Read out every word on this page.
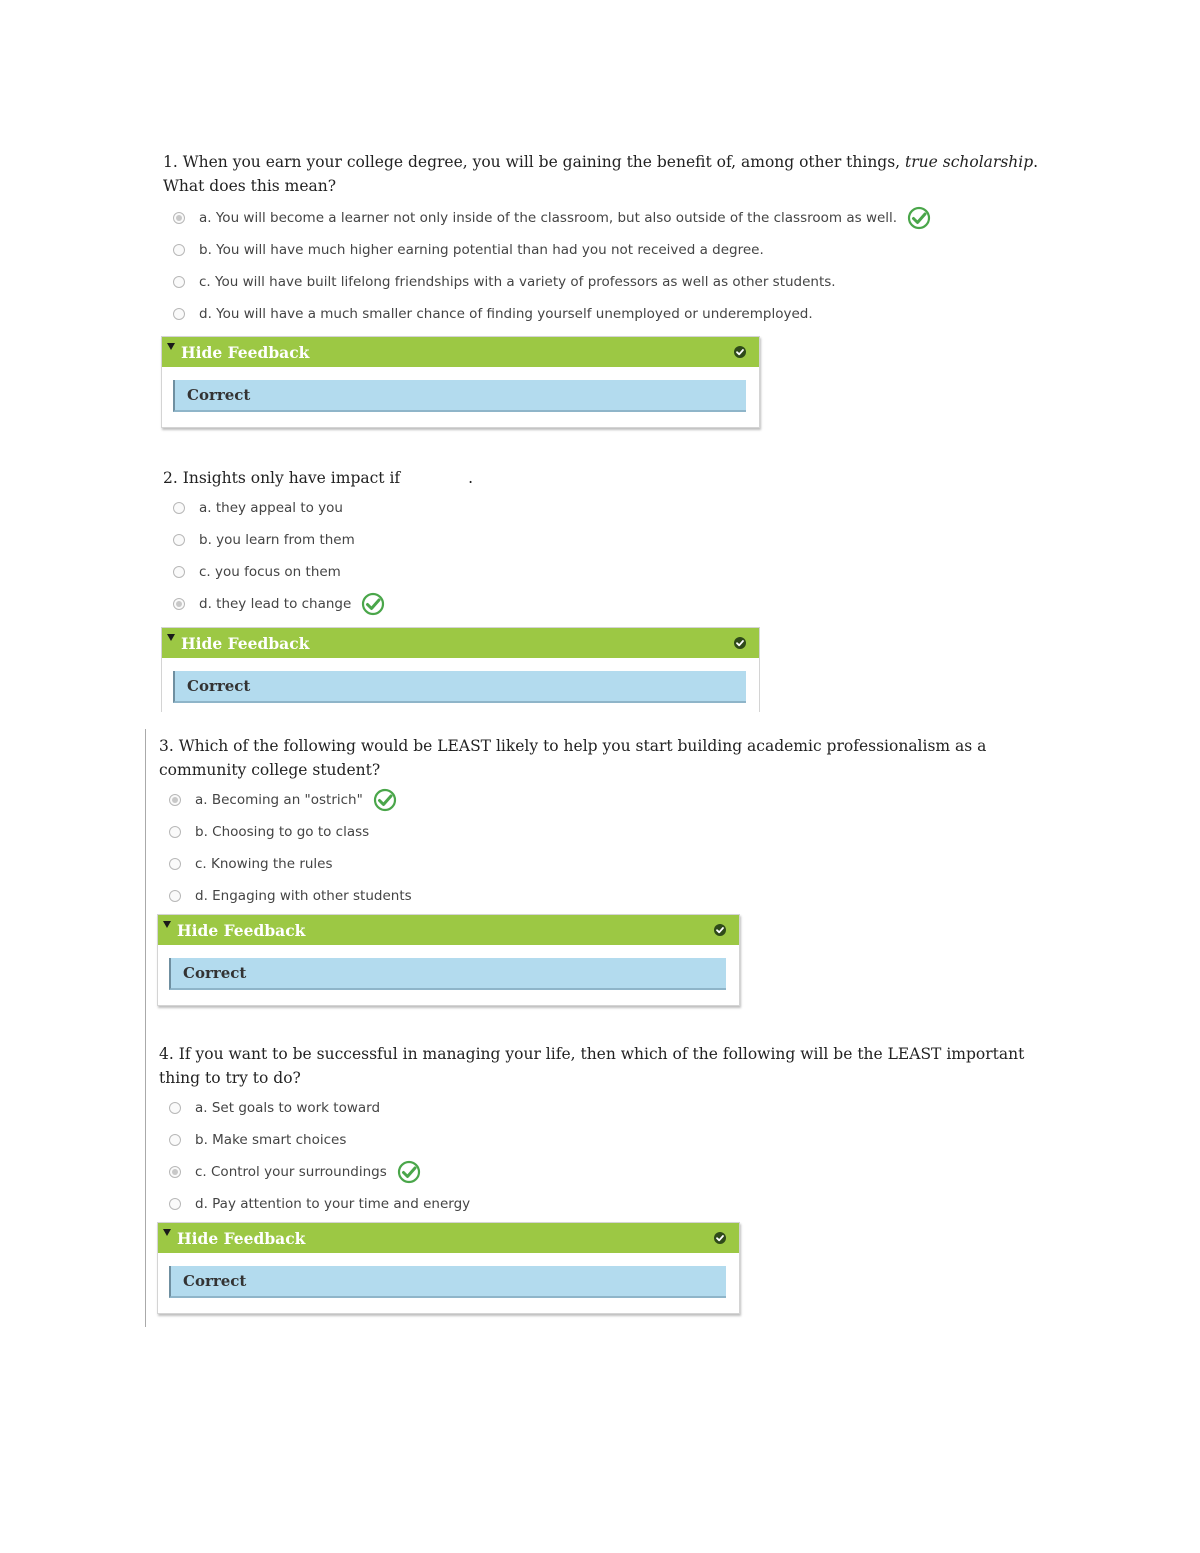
1. When you earn your college degree, you will be gaining the benefit of, among other things, true scholarship. What does this mean?
a. You will become a learner not only inside of the classroom, but also outside of the classroom as well.
b. You will have much higher earning potential than had you not received a degree.
c. You will have built lifelong friendships with a variety of professors as well as other students.
d. You will have a much smaller chance of finding yourself unemployed or underemployed.
Hide Feedback
Correct
2. Insights only have impact if	.
a. they appeal to you
b. you learn from them
c. you focus on them
d. they lead to change
Hide Feedback
Correct
3. Which of the following would be LEAST likely to help you start building academic professionalism as a community college student?
a. Becoming an "ostrich"
b. Choosing to go to class
c. Knowing the rules
d. Engaging with other students
Hide Feedback
Correct
4. If you want to be successful in managing your life, then which of the following will be the LEAST important thing to try to do?
a. Set goals to work toward
b. Make smart choices
c. Control your surroundings
d. Pay attention to your time and energy
Hide Feedback
Correct
